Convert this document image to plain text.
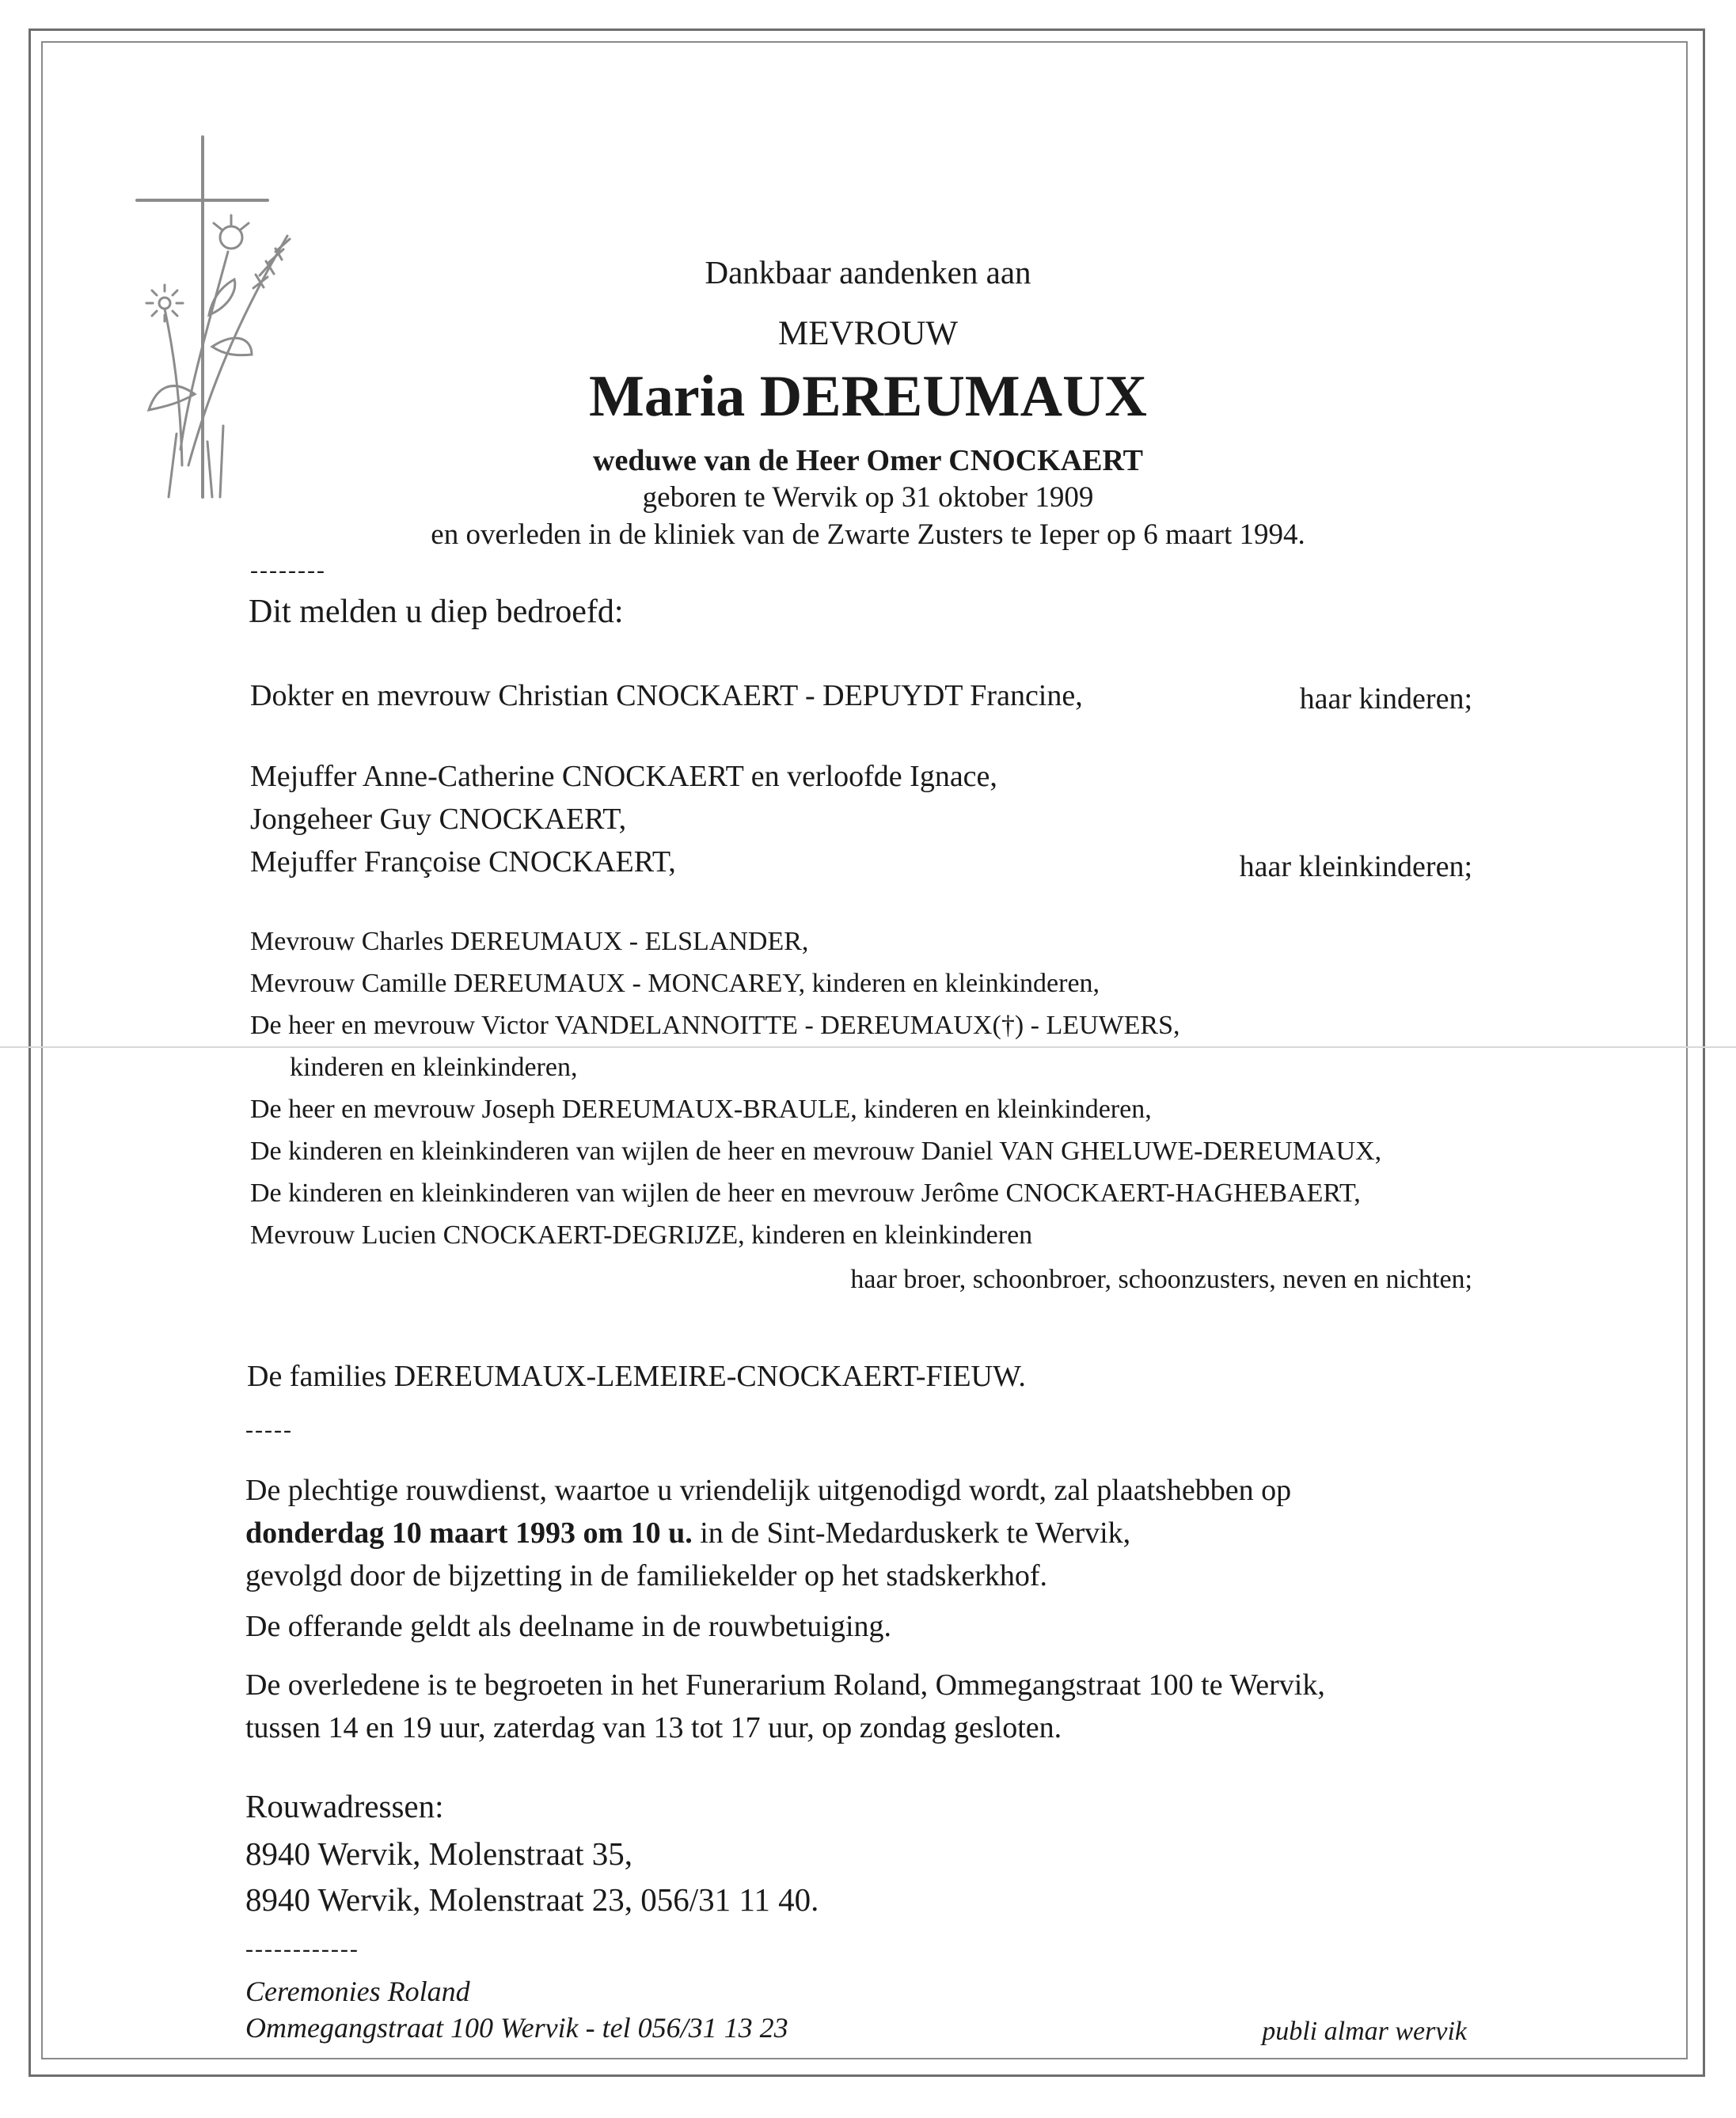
Dankbaar aandenken aan
MEVROUW
Maria DEREUMAUX
weduwe van de Heer Omer CNOCKAERT
geboren te Wervik op 31 oktober 1909
en overleden in de kliniek van de Zwarte Zusters te Ieper op 6 maart 1994.
--------
Dit melden u diep bedroefd:
Dokter en mevrouw Christian CNOCKAERT - DEPUYDT Francine,	haar kinderen;
Mejuffer Anne-Catherine CNOCKAERT en verloofde Ignace,
Jongeheer Guy CNOCKAERT,
Mejuffer Françoise CNOCKAERT,	haar kleinkinderen;
Mevrouw Charles DEREUMAUX - ELSLANDER,
Mevrouw Camille DEREUMAUX - MONCAREY, kinderen en kleinkinderen,
De heer en mevrouw Victor VANDELANNOITTE - DEREUMAUX(†) - LEUWERS,
kinderen en kleinkinderen,
De heer en mevrouw Joseph DEREUMAUX-BRAULE, kinderen en kleinkinderen,
De kinderen en kleinkinderen van wijlen de heer en mevrouw Daniel VAN GHELUWE-DEREUMAUX,
De kinderen en kleinkinderen van wijlen de heer en mevrouw Jerôme CNOCKAERT-HAGHEBAERT,
Mevrouw Lucien CNOCKAERT-DEGRIJZE, kinderen en kleinkinderen
haar broer, schoonbroer, schoonzusters, neven en nichten;
De families DEREUMAUX-LEMEIRE-CNOCKAERT-FIEUW.
-----
De plechtige rouwdienst, waartoe u vriendelijk uitgenodigd wordt, zal plaatshebben op
donderdag 10 maart 1993 om 10 u. in de Sint-Medarduskerk te Wervik,
gevolgd door de bijzetting in de familiekelder op het stadskerkhof.
De offerande geldt als deelname in de rouwbetuiging.
De overledene is te begroeten in het Funerarium Roland, Ommegangstraat 100 te Wervik,
tussen 14 en 19 uur, zaterdag van 13 tot 17 uur, op zondag gesloten.
Rouwadressen:
8940 Wervik, Molenstraat 35,
8940 Wervik, Molenstraat 23, 056/31 11 40.
------------
Ceremonies Roland
Ommegangstraat 100 Wervik - tel 056/31 13 23	publi almar wervik
